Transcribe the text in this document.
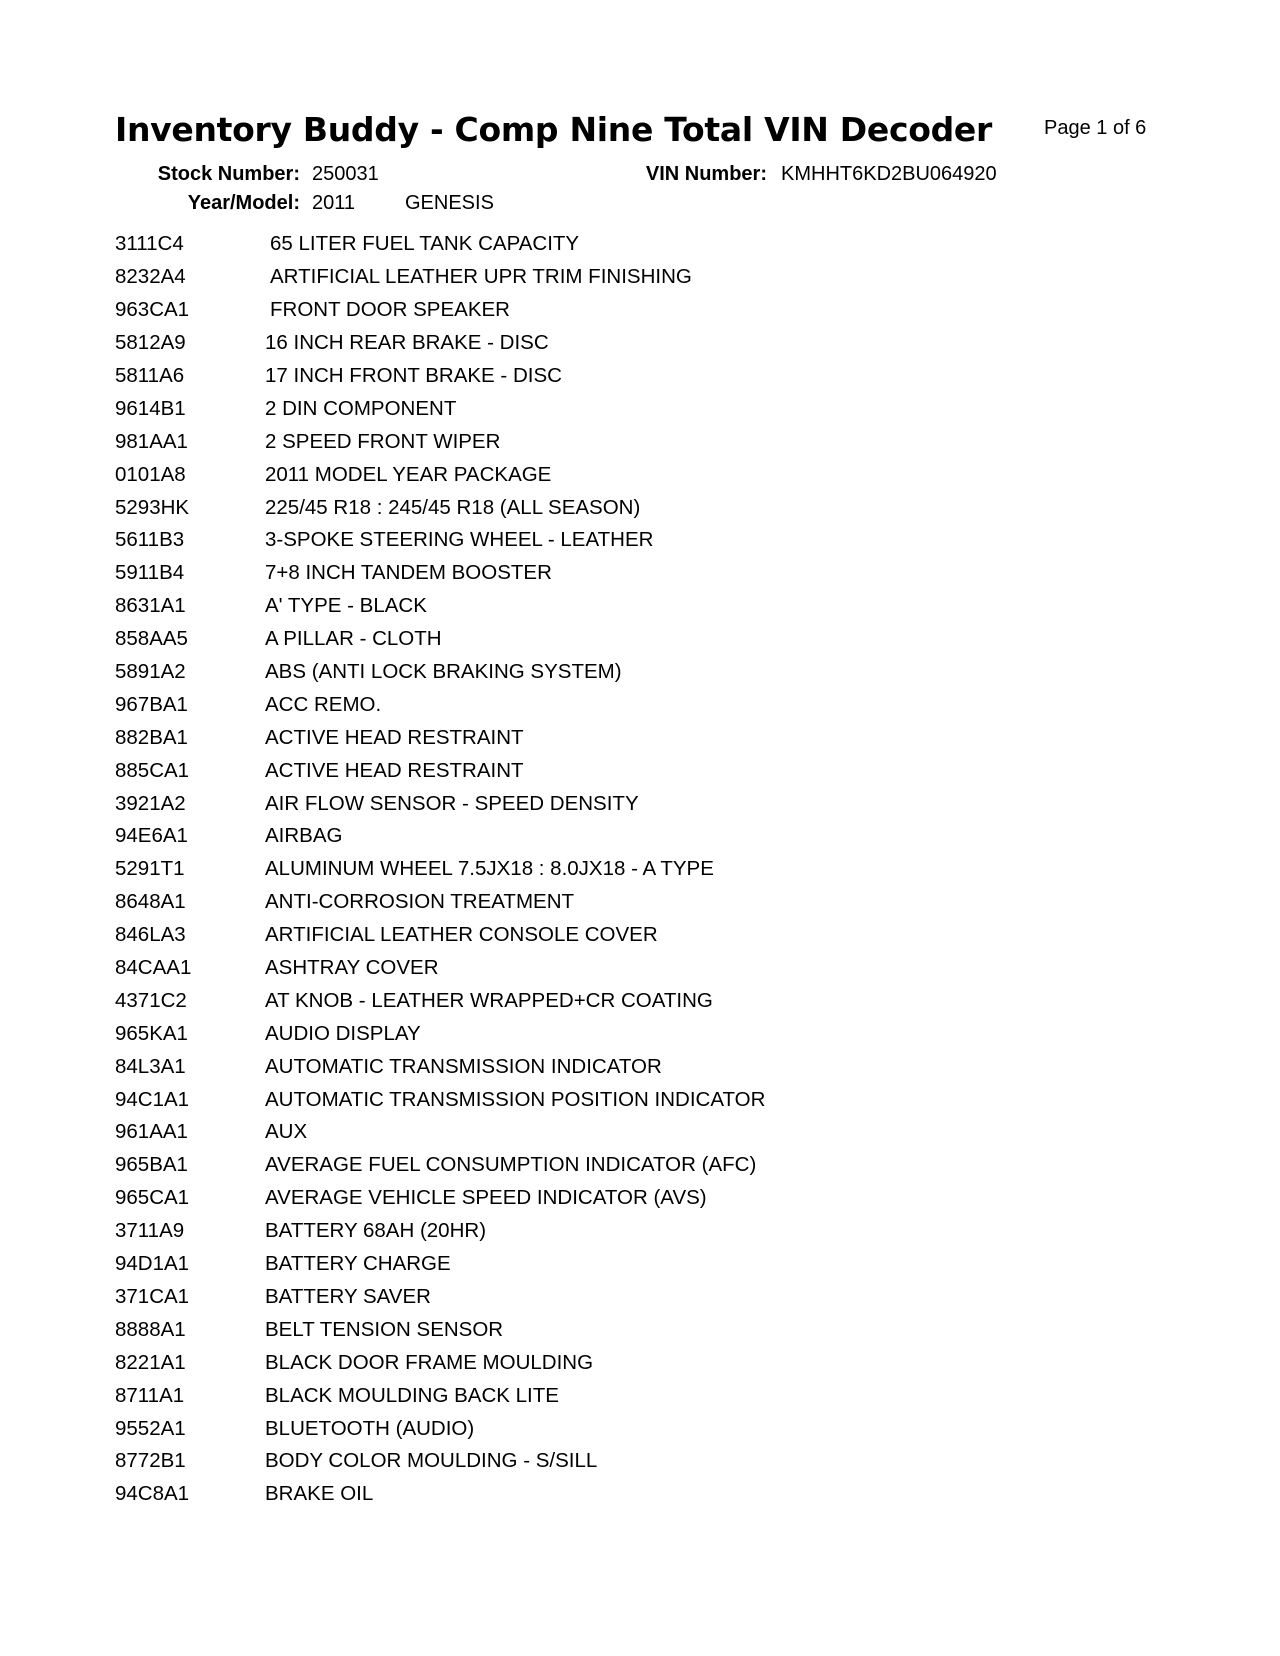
Inventory Buddy - Comp Nine Total VIN Decoder	Page 1 of 6
Stock Number: 250031
Year/Model: 2011 GENESIS
VIN Number: KMHHT6KD2BU064920
3111C4	65 LITER FUEL TANK CAPACITY
8232A4	ARTIFICIAL LEATHER UPR TRIM FINISHING
963CA1	FRONT DOOR SPEAKER
5812A9	16 INCH REAR BRAKE - DISC
5811A6	17 INCH FRONT BRAKE - DISC
9614B1	2 DIN COMPONENT
981AA1	2 SPEED FRONT WIPER
0101A8	2011 MODEL YEAR PACKAGE
5293HK	225/45 R18 : 245/45 R18 (ALL SEASON)
5611B3	3-SPOKE STEERING WHEEL - LEATHER
5911B4	7+8 INCH TANDEM BOOSTER
8631A1	A' TYPE - BLACK
858AA5	A PILLAR - CLOTH
5891A2	ABS (ANTI LOCK BRAKING SYSTEM)
967BA1	ACC REMO.
882BA1	ACTIVE HEAD RESTRAINT
885CA1	ACTIVE HEAD RESTRAINT
3921A2	AIR FLOW SENSOR - SPEED DENSITY
94E6A1	AIRBAG
5291T1	ALUMINUM WHEEL 7.5JX18 : 8.0JX18 - A TYPE
8648A1	ANTI-CORROSION TREATMENT
846LA3	ARTIFICIAL LEATHER CONSOLE COVER
84CAA1	ASHTRAY COVER
4371C2	AT KNOB - LEATHER WRAPPED+CR COATING
965KA1	AUDIO DISPLAY
84L3A1	AUTOMATIC TRANSMISSION INDICATOR
94C1A1	AUTOMATIC TRANSMISSION POSITION INDICATOR
961AA1	AUX
965BA1	AVERAGE FUEL CONSUMPTION INDICATOR (AFC)
965CA1	AVERAGE VEHICLE SPEED INDICATOR (AVS)
3711A9	BATTERY 68AH (20HR)
94D1A1	BATTERY CHARGE
371CA1	BATTERY SAVER
8888A1	BELT TENSION SENSOR
8221A1	BLACK DOOR FRAME MOULDING
8711A1	BLACK MOULDING BACK LITE
9552A1	BLUETOOTH (AUDIO)
8772B1	BODY COLOR MOULDING - S/SILL
94C8A1	BRAKE OIL
